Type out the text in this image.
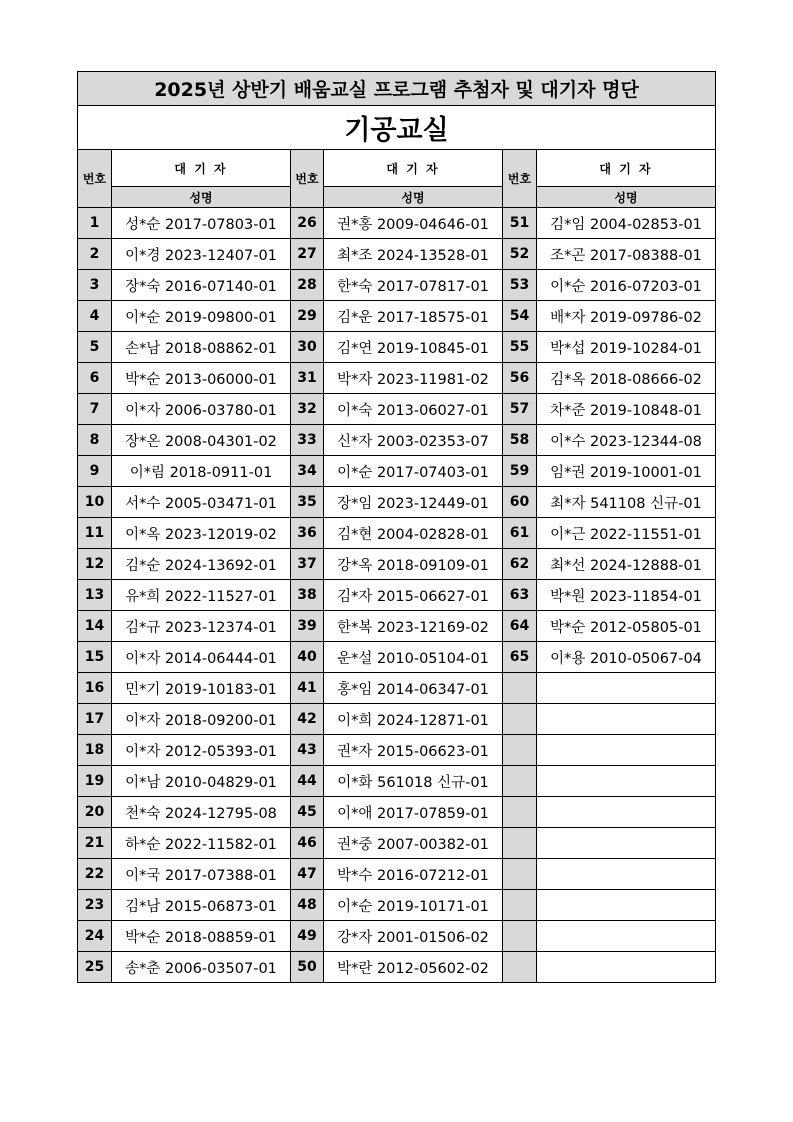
2025년 상반기 배움교실 프로그램 추첨자 및 대기자 명단					
기공교실					
번호	대 기 자	번호	대 기 자	번호	대 기 자
	성명		성명		성명
1	성*순 2017-07803-01	26	권*홍 2009-04646-01	51	김*임 2004-02853-01
2	이*경 2023-12407-01	27	최*조 2024-13528-01	52	조*곤 2017-08388-01
3	장*숙 2016-07140-01	28	한*숙 2017-07817-01	53	이*순 2016-07203-01
4	이*순 2019-09800-01	29	김*운 2017-18575-01	54	배*자 2019-09786-02
5	손*남 2018-08862-01	30	김*연 2019-10845-01	55	박*섭 2019-10284-01
6	박*순 2013-06000-01	31	박*자 2023-11981-02	56	김*옥 2018-08666-02
7	이*자 2006-03780-01	32	이*숙 2013-06027-01	57	차*준 2019-10848-01
8	장*온 2008-04301-02	33	신*자 2003-02353-07	58	이*수 2023-12344-08
9	이*림 2018-0911-01	34	이*순 2017-07403-01	59	임*권 2019-10001-01
10	서*수 2005-03471-01	35	장*임 2023-12449-01	60	최*자 541108 신규-01
11	이*옥 2023-12019-02	36	김*현 2004-02828-01	61	이*근 2022-11551-01
12	김*순 2024-13692-01	37	강*옥 2018-09109-01	62	최*선 2024-12888-01
13	유*희 2022-11527-01	38	김*자 2015-06627-01	63	박*원 2023-11854-01
14	김*규 2023-12374-01	39	한*복 2023-12169-02	64	박*순 2012-05805-01
15	이*자 2014-06444-01	40	운*설 2010-05104-01	65	이*용 2010-05067-04
16	민*기 2019-10183-01	41	홍*임 2014-06347-01		
17	이*자 2018-09200-01	42	이*희 2024-12871-01		
18	이*자 2012-05393-01	43	권*자 2015-06623-01		
19	이*남 2010-04829-01	44	이*화 561018 신규-01		
20	천*숙 2024-12795-08	45	이*애 2017-07859-01		
21	하*순 2022-11582-01	46	권*중 2007-00382-01		
22	이*국 2017-07388-01	47	박*수 2016-07212-01		
23	김*남 2015-06873-01	48	이*순 2019-10171-01		
24	박*순 2018-08859-01	49	강*자 2001-01506-02		
25	송*춘 2006-03507-01	50	박*란 2012-05602-02		
